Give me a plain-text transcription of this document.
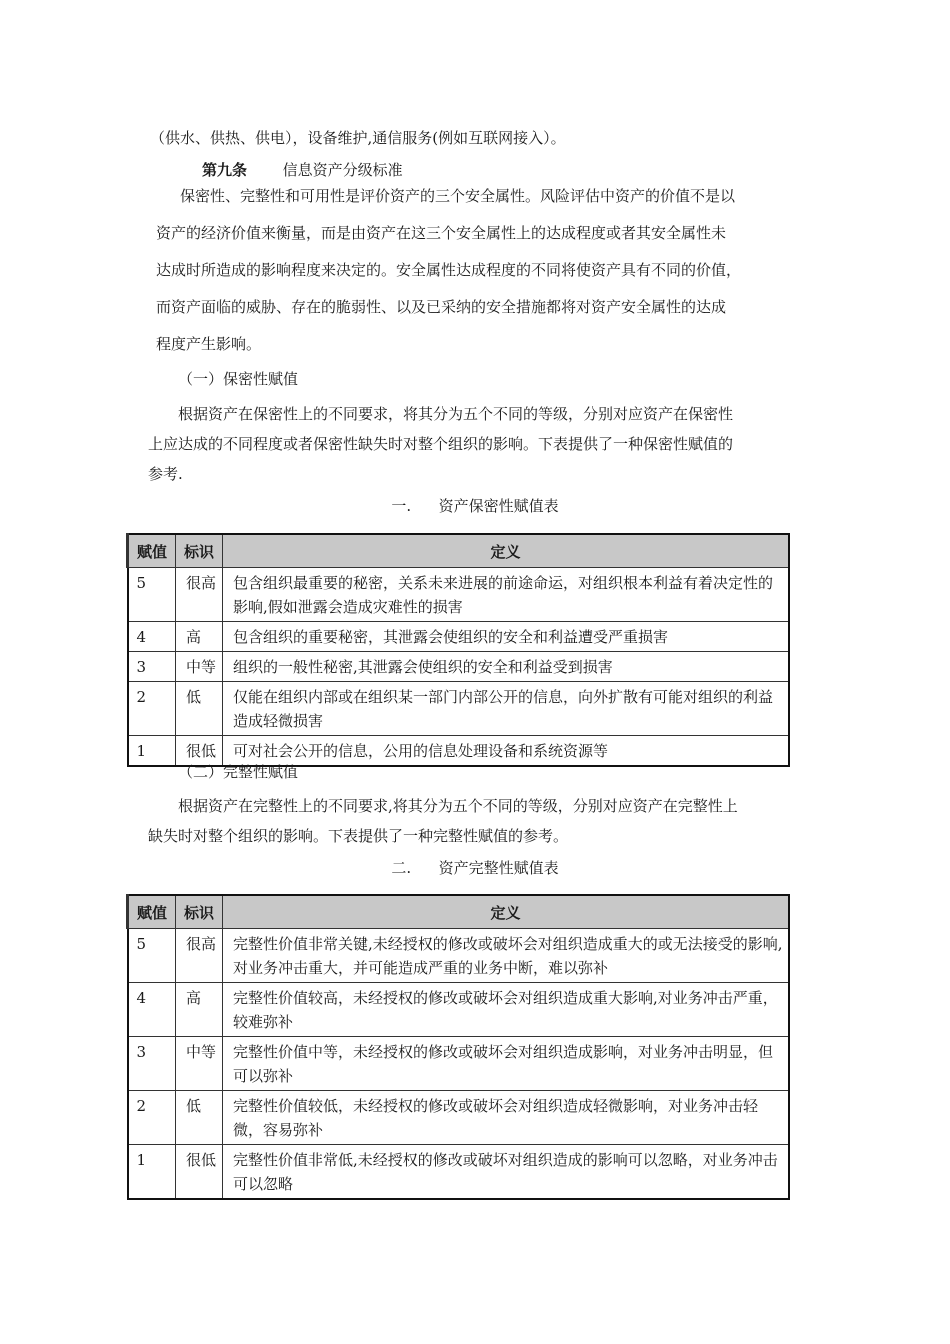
（供水、供热、供电），设备维护,通信服务(例如互联网接入）。
第九条 信息资产分级标准
保密性、完整性和可用性是评价资产的三个安全属性。风险评估中资产的价值不是以
资产的经济价值来衡量，而是由资产在这三个安全属性上的达成程度或者其安全属性未
达成时所造成的影响程度来决定的。安全属性达成程度的不同将使资产具有不同的价值，
而资产面临的威胁、存在的脆弱性、以及已采纳的安全措施都将对资产安全属性的达成
程度产生影响。
（一）保密性赋值
根据资产在保密性上的不同要求，将其分为五个不同的等级，分别对应资产在保密性
上应达成的不同程度或者保密性缺失时对整个组织的影响。下表提供了一种保密性赋值的
参考.
一. 资产保密性赋值表
赋值	标识	定义
5	很高	包含组织最重要的秘密，关系未来进展的前途命运，对组织根本利益有着决定性的影响,假如泄露会造成灾难性的损害
4	高	包含组织的重要秘密，其泄露会使组织的安全和利益遭受严重损害
3	中等	组织的一般性秘密,其泄露会使组织的安全和利益受到损害
2	低	仅能在组织内部或在组织某一部门内部公开的信息，向外扩散有可能对组织的利益造成轻微损害
1	很低	可对社会公开的信息，公用的信息处理设备和系统资源等
（二）完整性赋值
根据资产在完整性上的不同要求,将其分为五个不同的等级，分别对应资产在完整性上
缺失时对整个组织的影响。下表提供了一种完整性赋值的参考。
二. 资产完整性赋值表
赋值	标识	定义
5	很高	完整性价值非常关键,未经授权的修改或破坏会对组织造成重大的或无法接受的影响,对业务冲击重大，并可能造成严重的业务中断，难以弥补
4	高	完整性价值较高，未经授权的修改或破坏会对组织造成重大影响,对业务冲击严重，较难弥补
3	中等	完整性价值中等，未经授权的修改或破坏会对组织造成影响，对业务冲击明显，但可以弥补
2	低	完整性价值较低，未经授权的修改或破坏会对组织造成轻微影响，对业务冲击轻微，容易弥补
1	很低	完整性价值非常低,未经授权的修改或破坏对组织造成的影响可以忽略，对业务冲击可以忽略
